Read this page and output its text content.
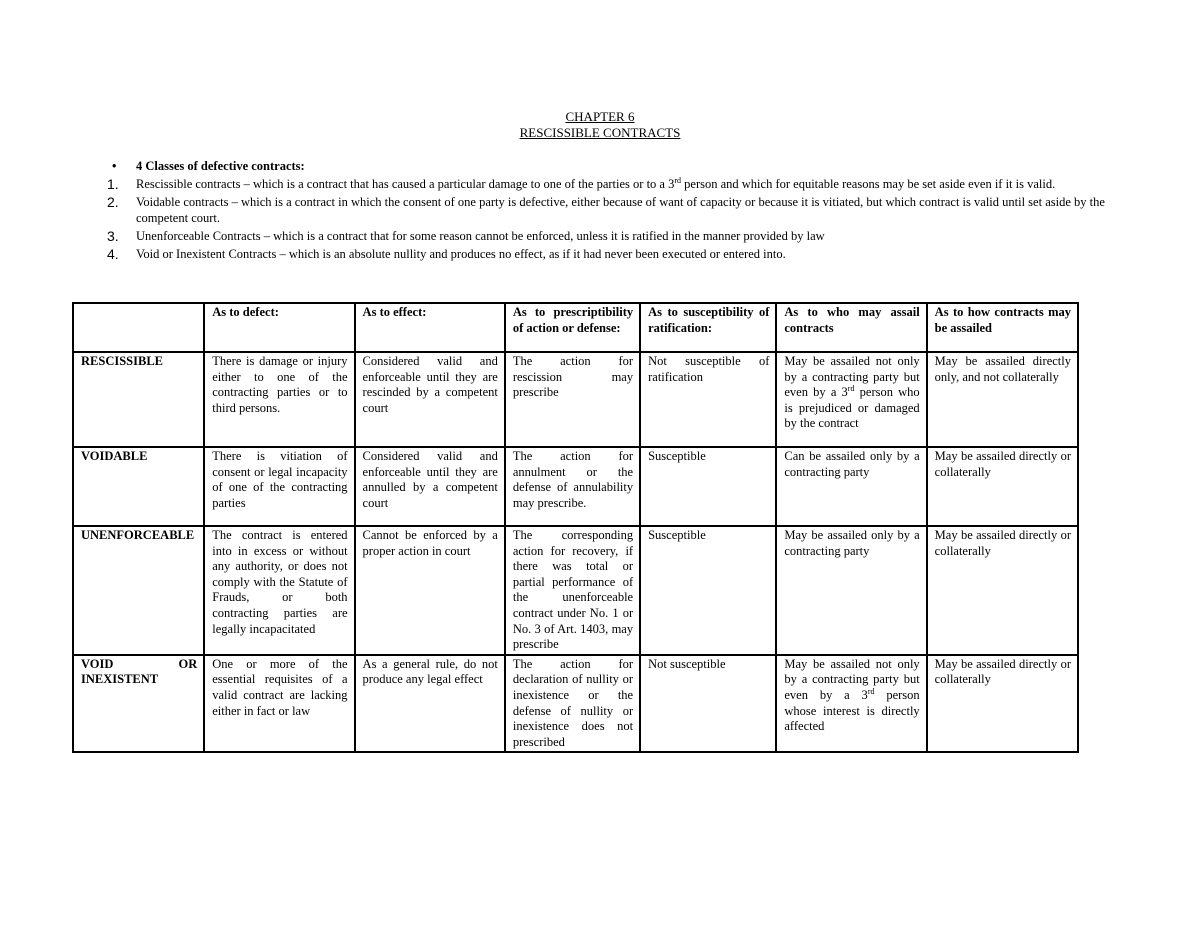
CHAPTER 6
RESCISSIBLE CONTRACTS
• 4 Classes of defective contracts:
1.	Rescissible contracts – which is a contract that has caused a particular damage to one of the parties or to a 3rd person and which for equitable reasons may be set aside even if it is valid.
2.	Voidable contracts – which is a contract in which the consent of one party is defective, either because of want of capacity or because it is vitiated, but which contract is valid until set aside by the competent court.
3.	Unenforceable Contracts – which is a contract that for some reason cannot be enforced, unless it is ratified in the manner provided by law
4.	Void or Inexistent Contracts – which is an absolute nullity and produces no effect, as if it had never been executed or entered into.
	As to defect:	As to effect:	As to prescriptibility of action or defense:	As to susceptibility of ratification:	As to who may assail contracts	As to how contracts may be assailed
RESCISSIBLE	There is damage or injury either to one of the contracting parties or to third persons.	Considered valid and enforceable until they are rescinded by a competent court	The action for rescission may prescribe	Not susceptible of ratification	May be assailed not only by a contracting party but even by a 3rd person who is prejudiced or damaged by the contract	May be assailed directly only, and not collaterally
VOIDABLE	There is vitiation of consent or legal incapacity of one of the contracting parties	Considered valid and enforceable until they are annulled by a competent court	The action for annulment or the defense of annulability may prescribe.	Susceptible	Can be assailed only by a contracting party	May be assailed directly or collaterally
UNENFORCEABLE	The contract is entered into in excess or without any authority, or does not comply with the Statute of Frauds, or both contracting parties are legally incapacitated	Cannot be enforced by a proper action in court	The corresponding action for recovery, if there was total or partial performance of the unenforceable contract under No. 1 or No. 3 of Art. 1403, may prescribe	Susceptible	May be assailed only by a contracting party	May be assailed directly or collaterally
VOID OR INEXISTENT	One or more of the essential requisites of a valid contract are lacking either in fact or law	As a general rule, do not produce any legal effect	The action for declaration of nullity or inexistence or the defense of nullity or inexistence does not prescribed	Not susceptible	May be assailed not only by a contracting party but even by a 3rd person whose interest is directly affected	May be assailed directly or collaterally
